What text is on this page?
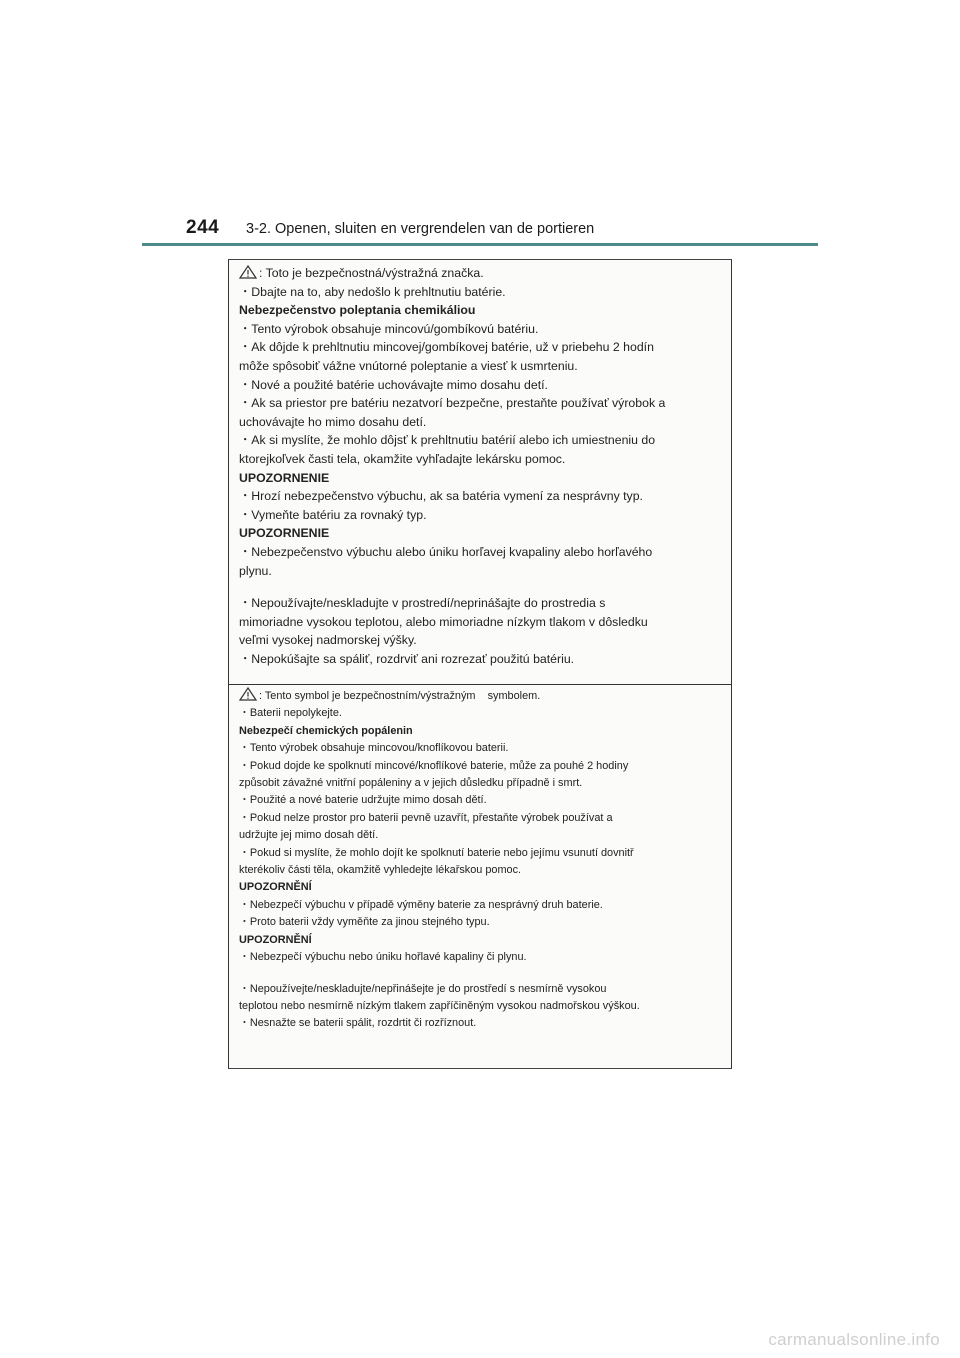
244 3-2. Openen, sluiten en vergrendelen van de portieren
: Toto je bezpečnostná/výstražná značka.
・Dbajte na to, aby nedošlo k prehltnutiu batérie.
Nebezpečenstvo poleptania chemikáliou
・Tento výrobok obsahuje mincovú/gombíkovú batériu.
・Ak dôjde k prehltnutiu mincovej/gombíkovej batérie, už v priebehu 2 hodín
môže spôsobiť vážne vnútorné poleptanie a viesť k usmrteniu.
・Nové a použité batérie uchovávajte mimo dosahu detí.
・Ak sa priestor pre batériu nezatvorí bezpečne, prestaňte používať výrobok a
uchovávajte ho mimo dosahu detí.
・Ak si myslíte, že mohlo dôjsť k prehltnutiu batérií alebo ich umiestneniu do
ktorejkoľvek časti tela, okamžite vyhľadajte lekársku pomoc.
UPOZORNENIE
・Hrozí nebezpečenstvo výbuchu, ak sa batéria vymení za nesprávny typ.
・Vymeňte batériu za rovnaký typ.
UPOZORNENIE
・Nebezpečenstvo výbuchu alebo úniku horľavej kvapaliny alebo horľavého
plynu.
・Nepoužívajte/neskladujte v prostredí/neprinášajte do prostredia s
mimoriadne vysokou teplotou, alebo mimoriadne nízkym tlakom v dôsledku
veľmi vysokej nadmorskej výšky.
・Nepokúšajte sa spáliť, rozdrviť ani rozrezať použitú batériu.
: Tento symbol je bezpečnostním/výstražným    symbolem.
・Baterii nepolykejte.
Nebezpečí chemických popálenin
・Tento výrobek obsahuje mincovou/knoflíkovou baterii.
・Pokud dojde ke spolknutí mincové/knoflíkové baterie, může za pouhé 2 hodiny
způsobit závažné vnitřní popáleniny a v jejich důsledku případně i smrt.
・Použité a nové baterie udržujte mimo dosah dětí.
・Pokud nelze prostor pro baterii pevně uzavřít, přestaňte výrobek používat a
udržujte jej mimo dosah dětí.
・Pokud si myslíte, že mohlo dojít ke spolknutí baterie nebo jejímu vsunutí dovnitř
kterékoliv části těla, okamžitě vyhledejte lékařskou pomoc.
UPOZORNĚNÍ
・Nebezpečí výbuchu v případě výměny baterie za nesprávný druh baterie.
・Proto baterii vždy vyměňte za jinou stejného typu.
UPOZORNĚNÍ
・Nebezpečí výbuchu nebo úniku hořlavé kapaliny či plynu.
・Nepoužívejte/neskladujte/nepřinášejte je do prostředí s nesmírně vysokou
teplotou nebo nesmírně nízkým tlakem zapříčiněným vysokou nadmořskou výškou.
・Nesnažte se baterii spálit, rozdrtit či rozříznout.
carmanualsonline.info
